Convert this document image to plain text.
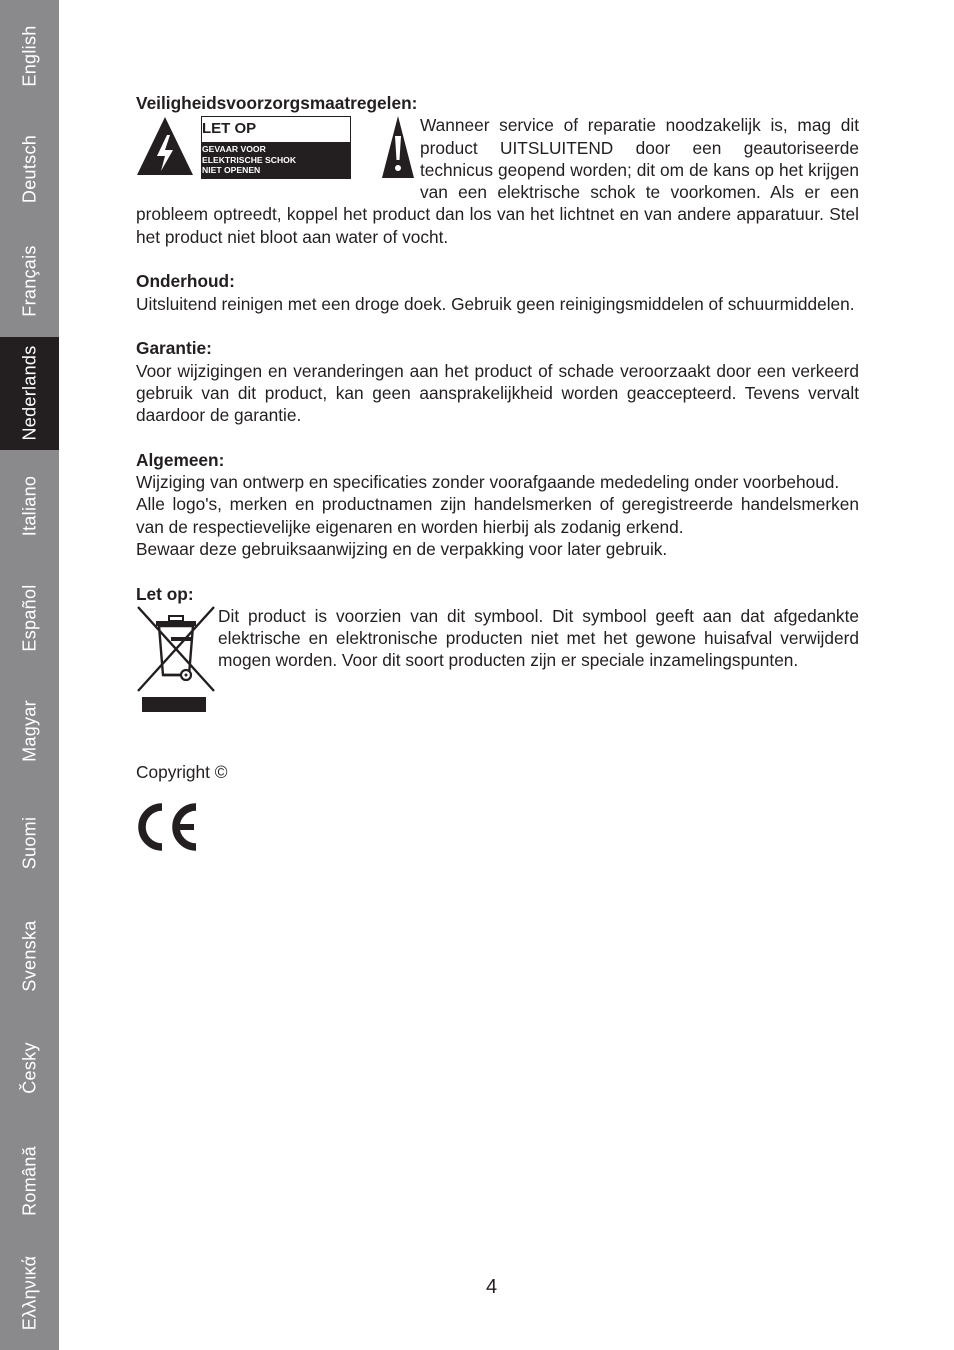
English
Deutsch
Français
Nederlands
Italiano
Español
Magyar
Suomi
Svenska
Česky
Română
Ελληνικά
Veiligheidsvoorzorgsmaatregelen:
LET OP
GEVAAR VOOR
ELEKTRISCHE SCHOK
NIET OPENEN
Wanneer service of reparatie noodzakelijk is, mag dit product UITSLUITEND door een geautoriseerde technicus geopend worden; dit om de kans op het krijgen van een elektrische schok te voorkomen. Als er een probleem optreedt, koppel het product dan los van het lichtnet en van andere apparatuur. Stel het product niet bloot aan water of vocht.
Onderhoud:
Uitsluitend reinigen met een droge doek. Gebruik geen reinigingsmiddelen of schuurmiddelen.
Garantie:
Voor wijzigingen en veranderingen aan het product of schade veroorzaakt door een verkeerd gebruik van dit product, kan geen aansprakelijkheid worden geaccepteerd. Tevens vervalt daardoor de garantie.
Algemeen:
Wijziging van ontwerp en specificaties zonder voorafgaande mededeling onder voorbehoud.
Alle logo's, merken en productnamen zijn handelsmerken of geregistreerde handelsmerken van de respectievelijke eigenaren en worden hierbij als zodanig erkend.
Bewaar deze gebruiksaanwijzing en de verpakking voor later gebruik.
Let op:
Dit product is voorzien van dit symbool. Dit symbool geeft aan dat afgedankte elektrische en elektronische producten niet met het gewone huisafval verwijderd mogen worden. Voor dit soort producten zijn er speciale inzamelingspunten.
Copyright ©
4
